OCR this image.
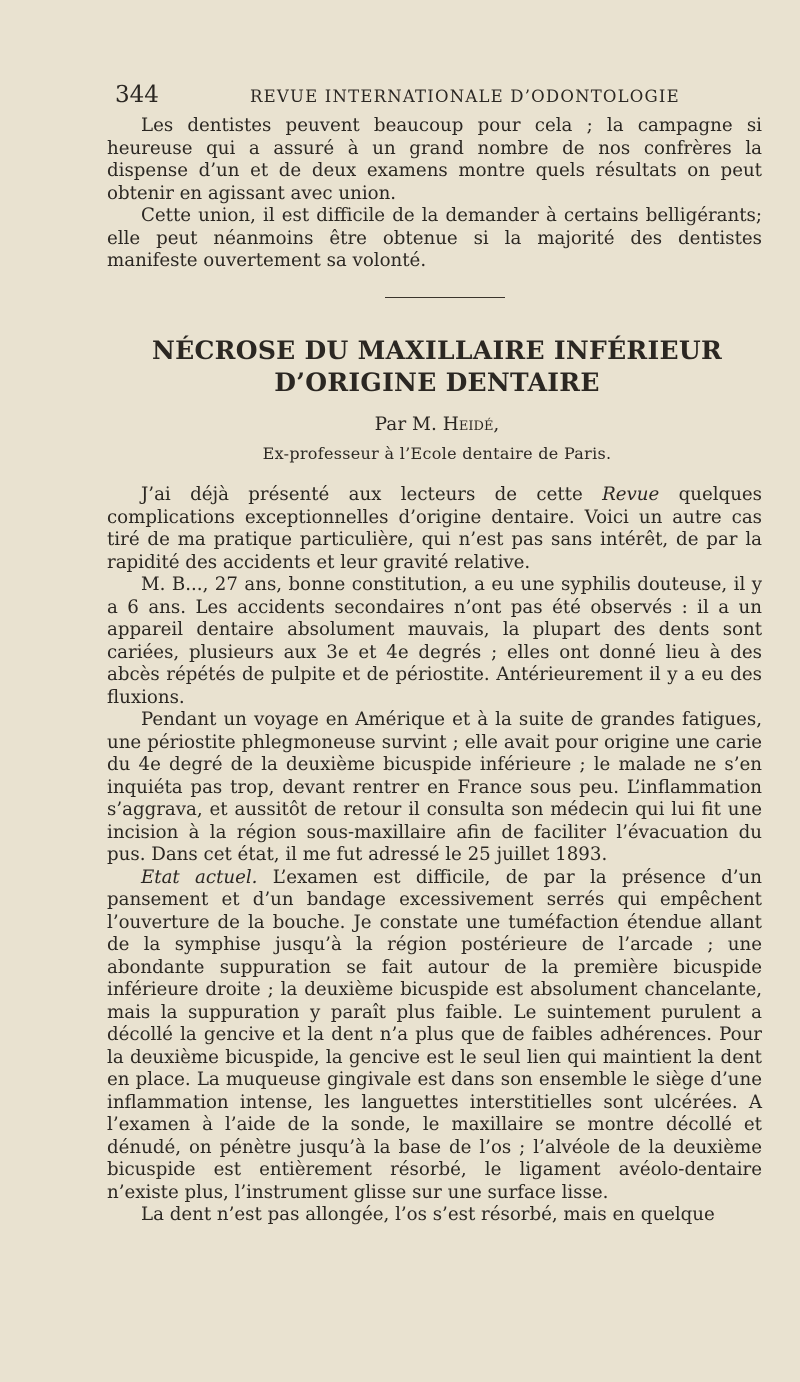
344	REVUE INTERNATIONALE D’ODONTOLOGIE

Les dentistes peuvent beaucoup pour cela ; la campagne si heureuse qui a assuré à un grand nombre de nos confrères la dispense d’un et de deux examens montre quels résultats on peut obtenir en agissant avec union.

Cette union, il est difficile de la demander à certains belligérants; elle peut néanmoins être obtenue si la majorité des dentistes manifeste ouvertement sa volonté.

NÉCROSE DU MAXILLAIRE INFÉRIEUR D’ORIGINE DENTAIRE
Par M. Heidé,
Ex-professeur à l’Ecole dentaire de Paris.

J’ai déjà présenté aux lecteurs de cette Revue quelques complications exceptionnelles d’origine dentaire. Voici un autre cas tiré de ma pratique particulière, qui n’est pas sans intérêt, de par la rapidité des accidents et leur gravité relative.

M. B..., 27 ans, bonne constitution, a eu une syphilis douteuse, il y a 6 ans. Les accidents secondaires n’ont pas été observés : il a un appareil dentaire absolument mauvais, la plupart des dents sont cariées, plusieurs aux 3e et 4e degrés ; elles ont donné lieu à des abcès répétés de pulpite et de périostite. Antérieurement il y a eu des fluxions.

Pendant un voyage en Amérique et à la suite de grandes fatigues, une périostite phlegmoneuse survint ; elle avait pour origine une carie du 4e degré de la deuxième bicuspide inférieure ; le malade ne s’en inquiéta pas trop, devant rentrer en France sous peu. L’inflammation s’aggrava, et aussitôt de retour il consulta son médecin qui lui fit une incision à la région sous-maxillaire afin de faciliter l’évacuation du pus. Dans cet état, il me fut adressé le 25 juillet 1893.

Etat actuel. L’examen est difficile, de par la présence d’un pansement et d’un bandage excessivement serrés qui empêchent l’ouverture de la bouche. Je constate une tuméfaction étendue allant de la symphise jusqu’à la région postérieure de l’arcade ; une abondante suppuration se fait autour de la première bicuspide inférieure droite ; la deuxième bicuspide est absolument chancelante, mais la suppuration y paraît plus faible. Le suintement purulent a décollé la gencive et la dent n’a plus que de faibles adhérences. Pour la deuxième bicuspide, la gencive est le seul lien qui maintient la dent en place. La muqueuse gingivale est dans son ensemble le siège d’une inflammation intense, les languettes interstitielles sont ulcérées. A l’examen à l’aide de la sonde, le maxillaire se montre décollé et dénudé, on pénètre jusqu’à la base de l’os ; l’alvéole de la deuxième bicuspide est entièrement résorbé, le ligament avéolo-dentaire n’existe plus, l’instrument glisse sur une surface lisse.

La dent n’est pas allongée, l’os s’est résorbé, mais en quelque
